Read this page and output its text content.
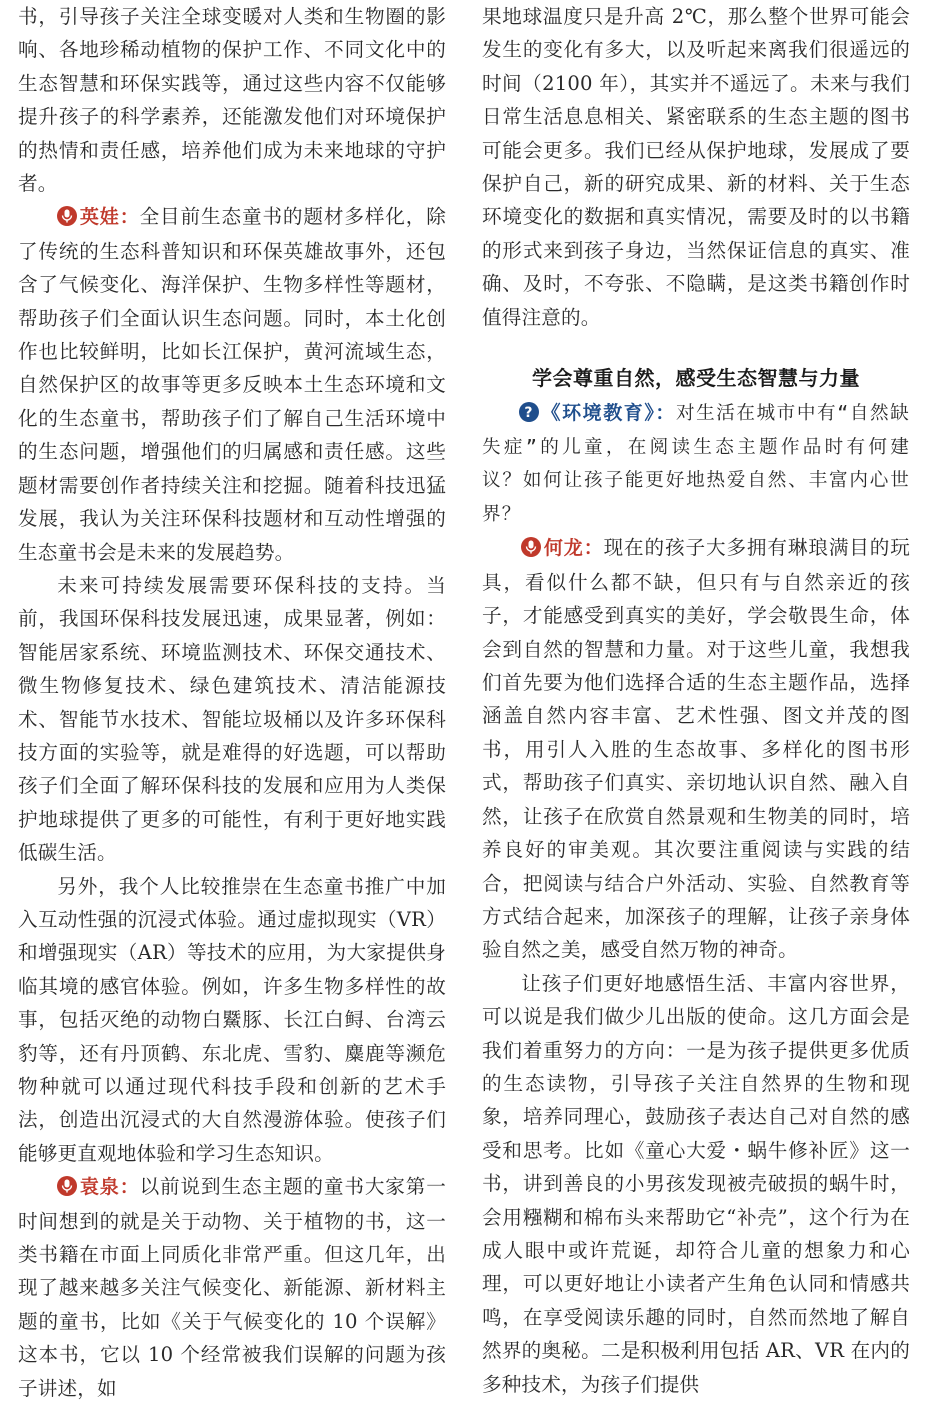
书，引导孩子关注全球变暖对人类和生物圈的影响、各地珍稀动植物的保护工作、不同文化中的生态智慧和环保实践等，通过这些内容不仅能够提升孩子的科学素养，还能激发他们对环境保护的热情和责任感，培养他们成为未来地球的守护者。

英娃：全目前生态童书的题材多样化，除了传统的生态科普知识和环保英雄故事外，还包含了气候变化、海洋保护、生物多样性等题材，帮助孩子们全面认识生态问题。同时，本土化创作也比较鲜明，比如长江保护，黄河流域生态，自然保护区的故事等更多反映本土生态环境和文化的生态童书，帮助孩子们了解自己生活环境中的生态问题，增强他们的归属感和责任感。这些题材需要创作者持续关注和挖掘。随着科技迅猛发展，我认为关注环保科技题材和互动性增强的生态童书会是未来的发展趋势。

未来可持续发展需要环保科技的支持。当前，我国环保科技发展迅速，成果显著，例如：智能居家系统、环境监测技术、环保交通技术、微生物修复技术、绿色建筑技术、清洁能源技术、智能节水技术、智能垃圾桶以及许多环保科技方面的实验等，就是难得的好选题，可以帮助孩子们全面了解环保科技的发展和应用为人类保护地球提供了更多的可能性，有利于更好地实践低碳生活。

另外，我个人比较推崇在生态童书推广中加入互动性强的沉浸式体验。通过虚拟现实（VR）和增强现实（AR）等技术的应用，为大家提供身临其境的感官体验。例如，许多生物多样性的故事，包括灭绝的动物白鱀豚、长江白鲟、台湾云豹等，还有丹顶鹤、东北虎、雪豹、麋鹿等濒危物种就可以通过现代科技手段和创新的艺术手法，创造出沉浸式的大自然漫游体验。使孩子们能够更直观地体验和学习生态知识。

袁泉：以前说到生态主题的童书大家第一时间想到的就是关于动物、关于植物的书，这一类书籍在市面上同质化非常严重。但这几年，出现了越来越多关注气候变化、新能源、新材料主题的童书，比如《关于气候变化的 10 个误解》这本书，它以 10 个经常被我们误解的问题为孩子讲述，如

果地球温度只是升高 2℃，那么整个世界可能会发生的变化有多大，以及听起来离我们很遥远的时间（2100 年），其实并不遥远了。未来与我们日常生活息息相关、紧密联系的生态主题的图书可能会更多。我们已经从保护地球，发展成了要保护自己，新的研究成果、新的材料、关于生态环境变化的数据和真实情况，需要及时的以书籍的形式来到孩子身边，当然保证信息的真实、准确、及时，不夸张、不隐瞒，是这类书籍创作时值得注意的。

学会尊重自然，感受生态智慧与力量

? 《环境教育》：对生活在城市中有“自然缺失症”的儿童，在阅读生态主题作品时有何建议？如何让孩子能更好地热爱自然、丰富内心世界？

何龙：现在的孩子大多拥有琳琅满目的玩具，看似什么都不缺，但只有与自然亲近的孩子，才能感受到真实的美好，学会敬畏生命，体会到自然的智慧和力量。对于这些儿童，我想我们首先要为他们选择合适的生态主题作品，选择涵盖自然内容丰富、艺术性强、图文并茂的图书，用引人入胜的生态故事、多样化的图书形式，帮助孩子们真实、亲切地认识自然、融入自然，让孩子在欣赏自然景观和生物美的同时，培养良好的审美观。其次要注重阅读与实践的结合，把阅读与结合户外活动、实验、自然教育等方式结合起来，加深孩子的理解，让孩子亲身体验自然之美，感受自然万物的神奇。

让孩子们更好地感悟生活、丰富内容世界，可以说是我们做少儿出版的使命。这几方面会是我们着重努力的方向：一是为孩子提供更多优质的生态读物，引导孩子关注自然界的生物和现象，培养同理心，鼓励孩子表达自己对自然的感受和思考。比如《童心大爱・蜗牛修补匠》这一书，讲到善良的小男孩发现被壳破损的蜗牛时，会用糨糊和棉布头来帮助它“补壳”，这个行为在成人眼中或许荒诞，却符合儿童的想象力和心理，可以更好地让小读者产生角色认同和情感共鸣，在享受阅读乐趣的同时，自然而然地了解自然界的奥秘。二是积极利用包括 AR、VR 在内的多种技术，为孩子们提供
